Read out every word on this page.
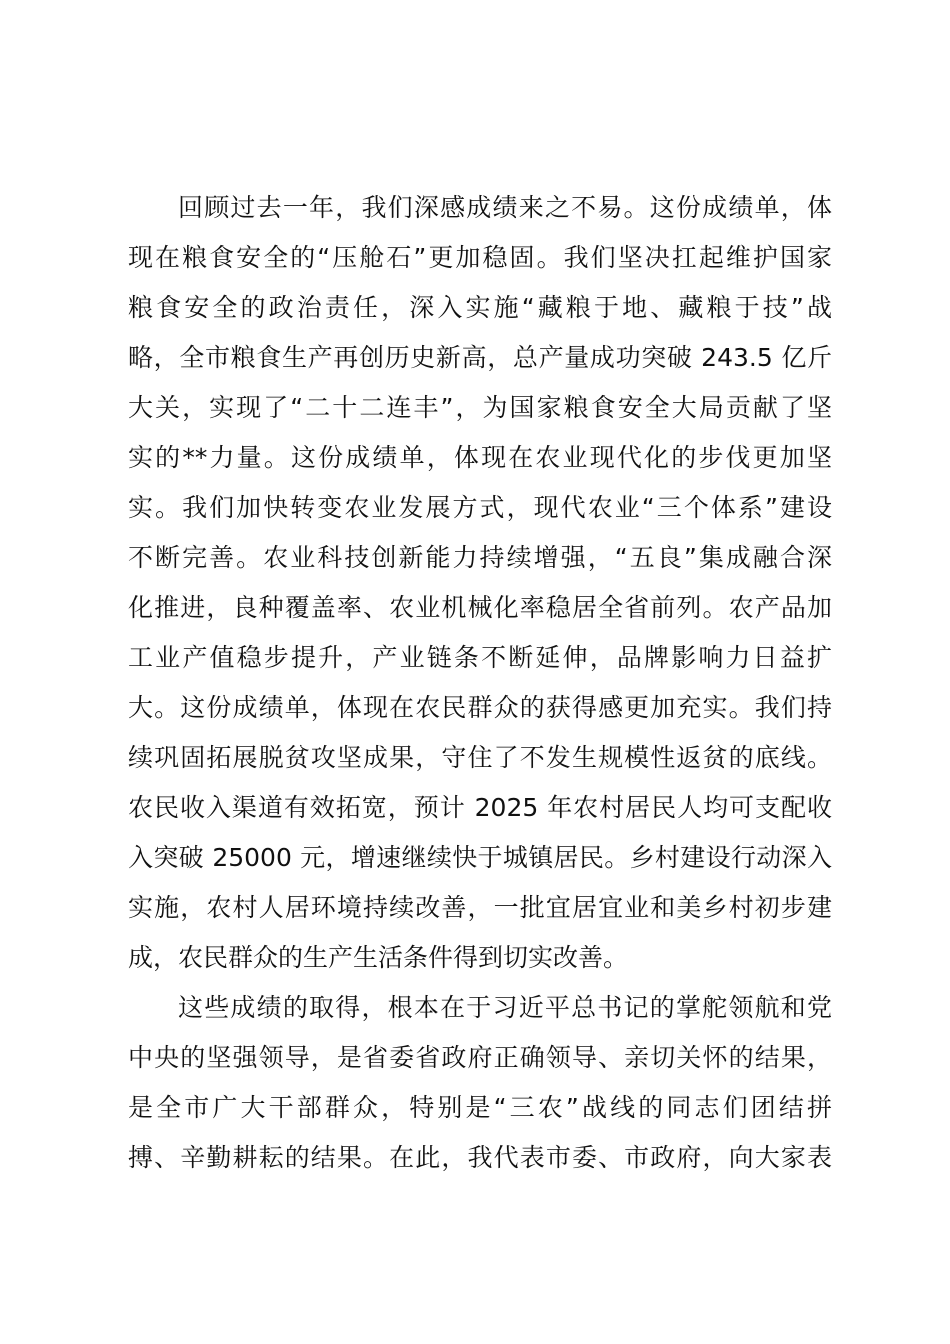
回顾过去一年，我们深感成绩来之不易。这份成绩单，体
现在粮食安全的“压舱石”更加稳固。我们坚决扛起维护国家
粮食安全的政治责任，深入实施“藏粮于地、藏粮于技”战
略，全市粮食生产再创历史新高，总产量成功突破 243.5 亿斤
大关，实现了“二十二连丰”，为国家粮食安全大局贡献了坚
实的**力量。这份成绩单，体现在农业现代化的步伐更加坚
实。我们加快转变农业发展方式，现代农业“三个体系”建设
不断完善。农业科技创新能力持续增强，“五良”集成融合深
化推进，良种覆盖率、农业机械化率稳居全省前列。农产品加
工业产值稳步提升，产业链条不断延伸，品牌影响力日益扩
大。这份成绩单，体现在农民群众的获得感更加充实。我们持
续巩固拓展脱贫攻坚成果，守住了不发生规模性返贫的底线。
农民收入渠道有效拓宽，预计 2025 年农村居民人均可支配收
入突破 25000 元，增速继续快于城镇居民。乡村建设行动深入
实施，农村人居环境持续改善，一批宜居宜业和美乡村初步建
成，农民群众的生产生活条件得到切实改善。
这些成绩的取得，根本在于习近平总书记的掌舵领航和党
中央的坚强领导，是省委省政府正确领导、亲切关怀的结果，
是全市广大干部群众，特别是“三农”战线的同志们团结拼
搏、辛勤耕耘的结果。在此，我代表市委、市政府，向大家表
